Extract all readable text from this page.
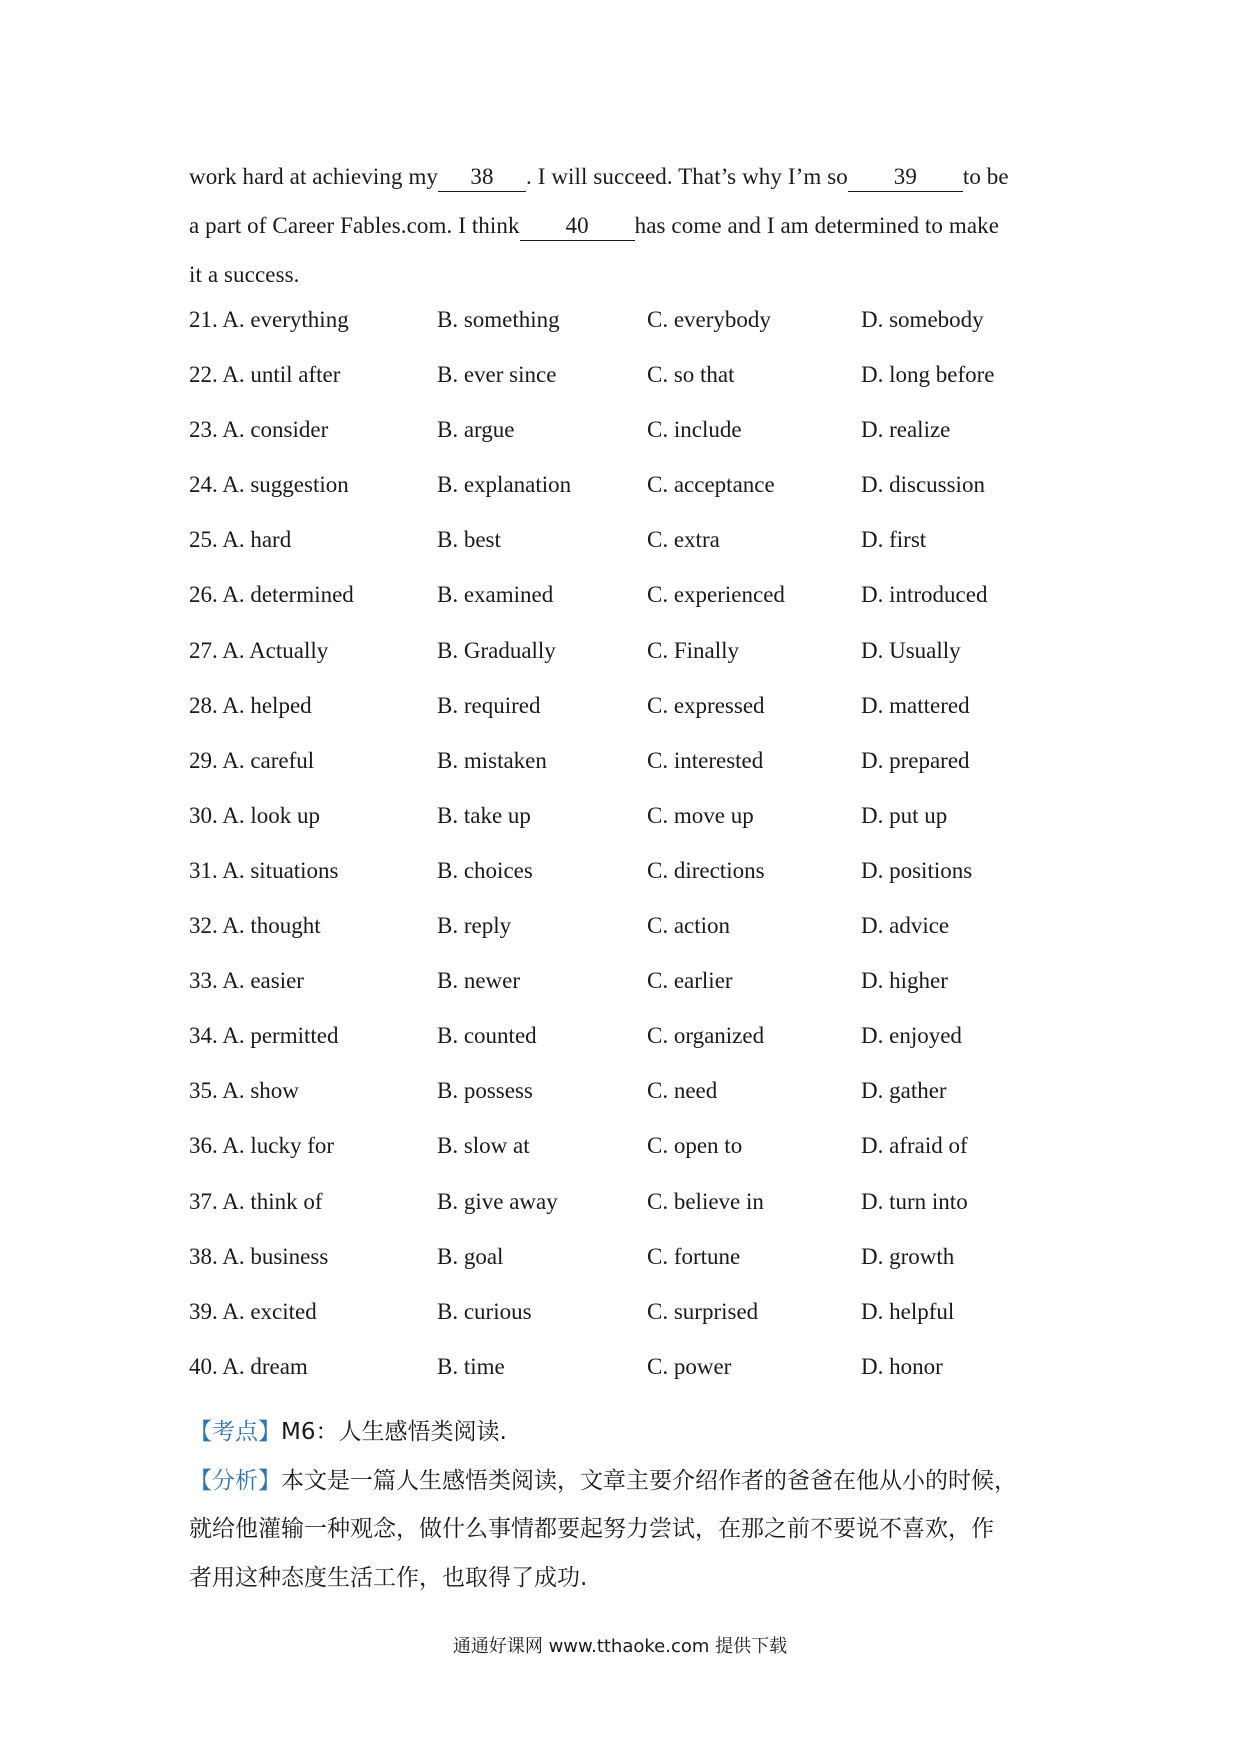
work hard at achieving my 38 . I will succeed. That’s why I’m so 39 to be
a part of Career Fables.com. I think 40 has come and I am determined to make
it a success.
21. A. everything	B. something	C. everybody	D. somebody
22. A. until after	B. ever since	C. so that	D. long before
23. A. consider	B. argue	C. include	D. realize
24. A. suggestion	B. explanation	C. acceptance	D. discussion
25. A. hard	B. best	C. extra	D. first
26. A. determined	B. examined	C. experienced	D. introduced
27. A. Actually	B. Gradually	C. Finally	D. Usually
28. A. helped	B. required	C. expressed	D. mattered
29. A. careful	B. mistaken	C. interested	D. prepared
30. A. look up	B. take up	C. move up	D. put up
31. A. situations	B. choices	C. directions	D. positions
32. A. thought	B. reply	C. action	D. advice
33. A. easier	B. newer	C. earlier	D. higher
34. A. permitted	B. counted	C. organized	D. enjoyed
35. A. show	B. possess	C. need	D. gather
36. A. lucky for	B. slow at	C. open to	D. afraid of
37. A. think of	B. give away	C. believe in	D. turn into
38. A. business	B. goal	C. fortune	D. growth
39. A. excited	B. curious	C. surprised	D. helpful
40. A. dream	B. time	C. power	D. honor
【考点】M6：人生感悟类阅读.
【分析】本文是一篇人生感悟类阅读，文章主要介绍作者的爸爸在他从小的时候，
就给他灌输一种观念，做什么事情都要起努力尝试，在那之前不要说不喜欢，作
者用这种态度生活工作，也取得了成功.
通通好课网 www.tthaoke.com 提供下载
